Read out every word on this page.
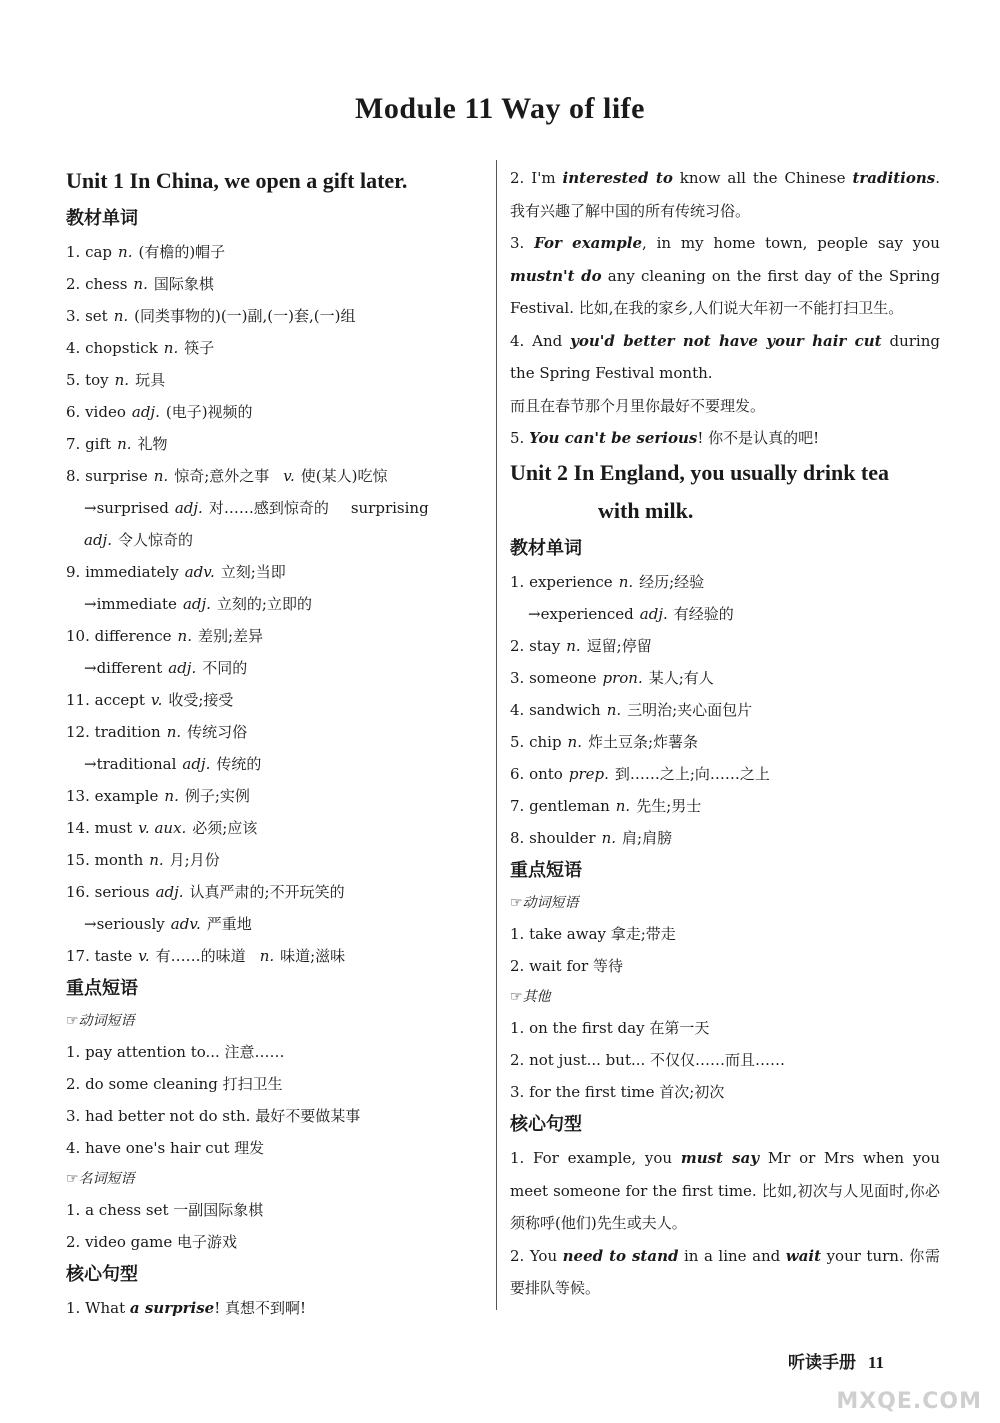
Module 11 Way of life
Unit 1 In China, we open a gift later.
教材单词
1. cap n. (有檐的)帽子
2. chess n. 国际象棋
3. set n. (同类事物的)(一)副,(一)套,(一)组
4. chopstick n. 筷子
5. toy n. 玩具
6. video adj. (电子)视频的
7. gift n. 礼物
8. surprise n. 惊奇;意外之事 v. 使(某人)吃惊
→surprised adj. 对……感到惊奇的 surprising
adj. 令人惊奇的
9. immediately adv. 立刻;当即
→immediate adj. 立刻的;立即的
10. difference n. 差别;差异
→different adj. 不同的
11. accept v. 收受;接受
12. tradition n. 传统习俗
→traditional adj. 传统的
13. example n. 例子;实例
14. must v. aux. 必须;应该
15. month n. 月;月份
16. serious adj. 认真严肃的;不开玩笑的
→seriously adv. 严重地
17. taste v. 有……的味道 n. 味道;滋味
重点短语
☞动词短语
1. pay attention to... 注意……
2. do some cleaning 打扫卫生
3. had better not do sth. 最好不要做某事
4. have one's hair cut 理发
☞名词短语
1. a chess set 一副国际象棋
2. video game 电子游戏
核心句型
1. What a surprise! 真想不到啊!
2. I'm interested to know all the Chinese traditions. 我有兴趣了解中国的所有传统习俗。
3. For example, in my home town, people say you mustn't do any cleaning on the first day of the Spring Festival. 比如,在我的家乡,人们说大年初一不能打扫卫生。
4. And you'd better not have your hair cut during the Spring Festival month.
而且在春节那个月里你最好不要理发。
5. You can't be serious! 你不是认真的吧!
Unit 2 In England, you usually drink tea
with milk.
教材单词
1. experience n. 经历;经验
→experienced adj. 有经验的
2. stay n. 逗留;停留
3. someone pron. 某人;有人
4. sandwich n. 三明治;夹心面包片
5. chip n. 炸土豆条;炸薯条
6. onto prep. 到……之上;向……之上
7. gentleman n. 先生;男士
8. shoulder n. 肩;肩膀
重点短语
☞动词短语
1. take away 拿走;带走
2. wait for 等待
☞其他
1. on the first day 在第一天
2. not just... but... 不仅仅……而且……
3. for the first time 首次;初次
核心句型
1. For example, you must say Mr or Mrs when you meet someone for the first time. 比如,初次与人见面时,你必须称呼(他们)先生或夫人。
2. You need to stand in a line and wait your turn. 你需要排队等候。
听读手册 11
MXQE.COM
